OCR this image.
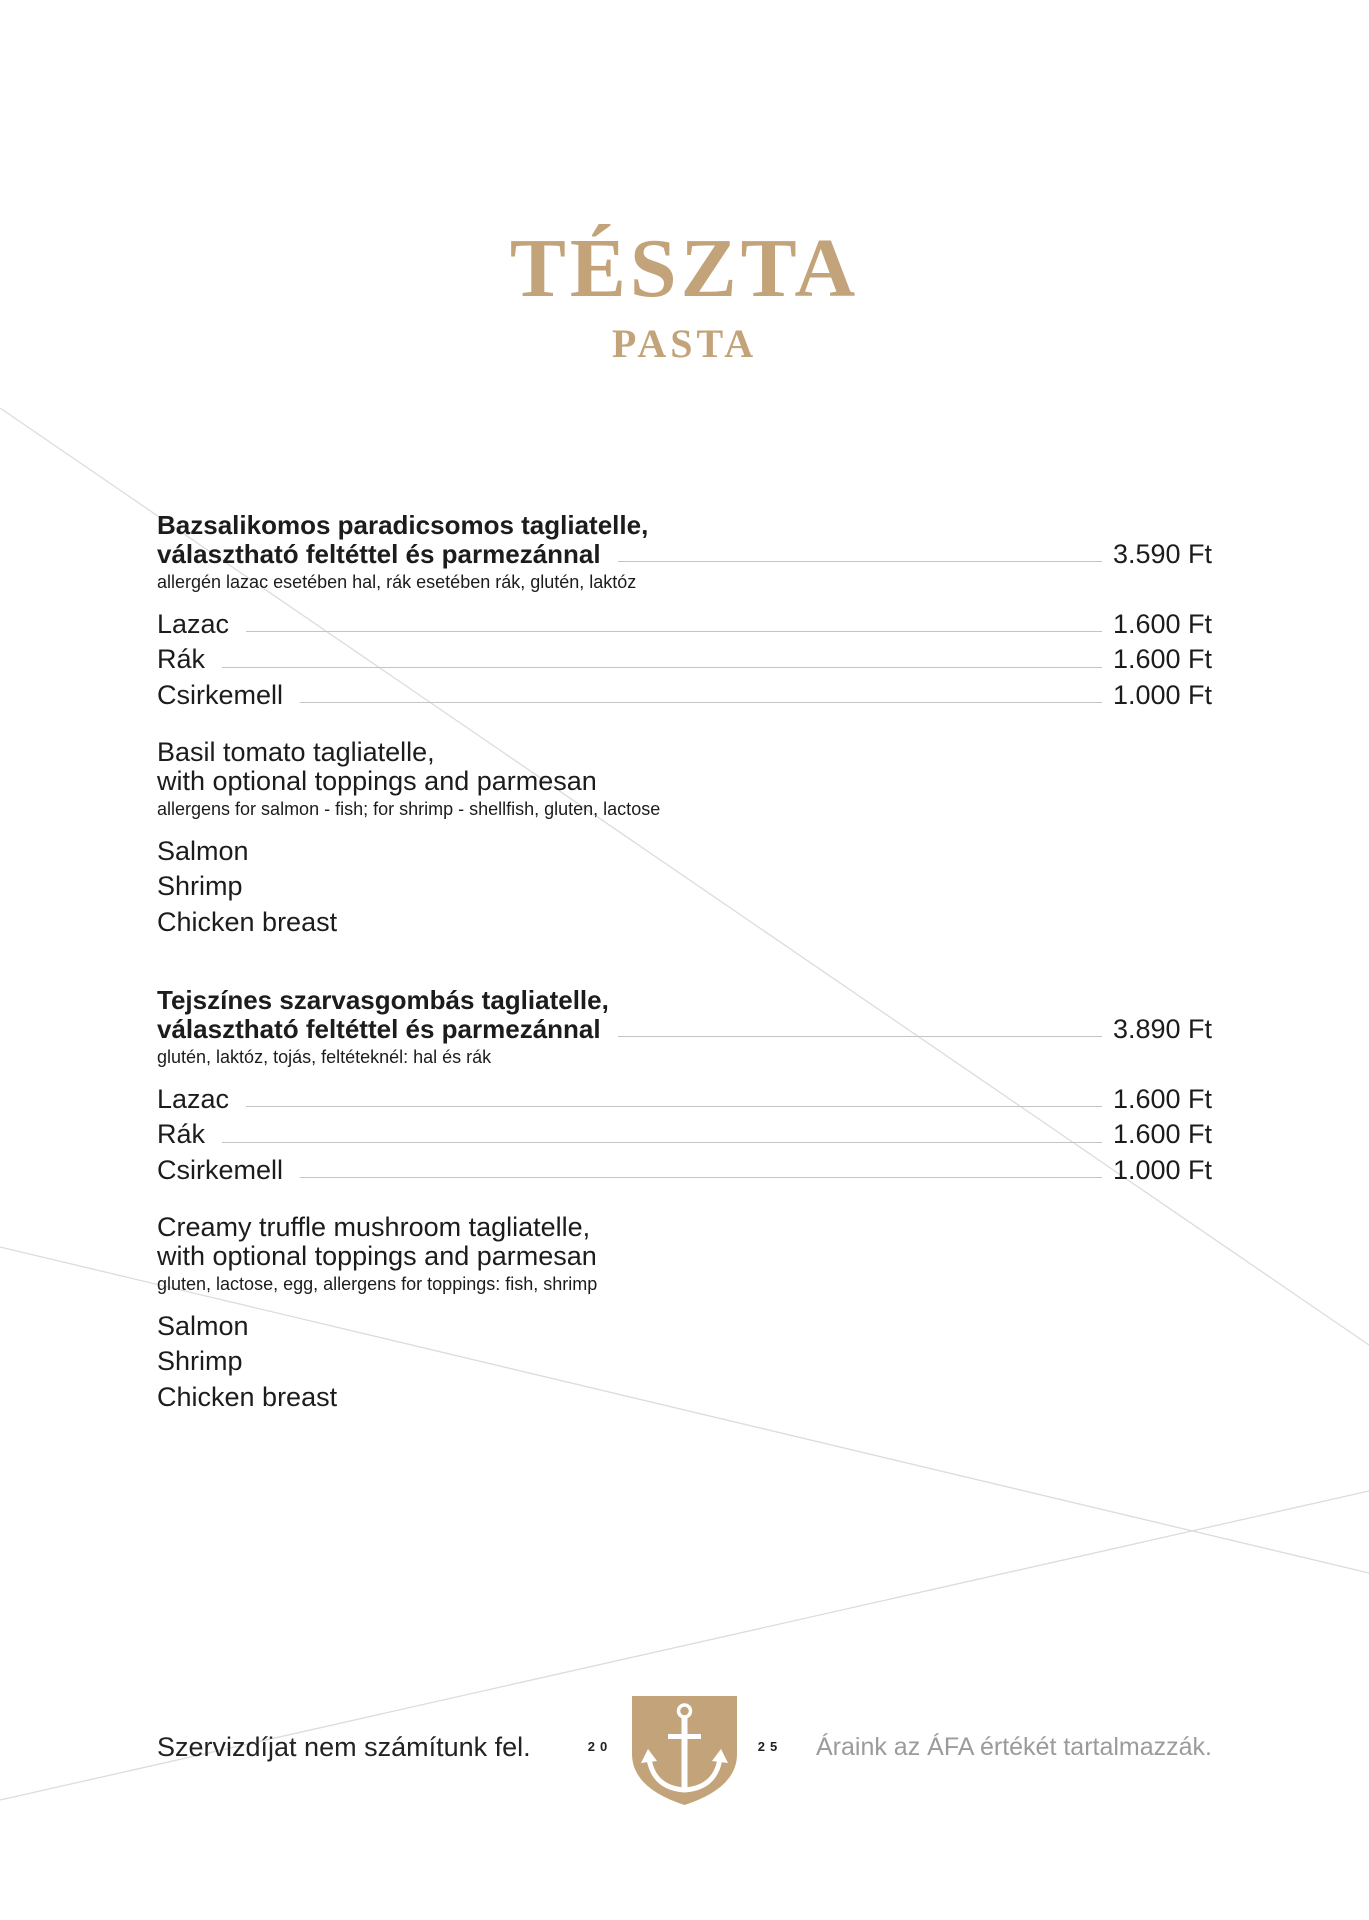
TÉSZTA
PASTA
Bazsalikomos paradicsomos tagliatelle,
választható feltéttel és parmezánnal	3.590 Ft
allergén lazac esetében hal, rák esetében rák, glutén, laktóz
Lazac	1.600 Ft
Rák	1.600 Ft
Csirkemell	1.000 Ft
Basil tomato tagliatelle,
with optional toppings and parmesan
allergens for salmon - fish; for shrimp - shellfish, gluten, lactose
Salmon
Shrimp
Chicken breast
Tejszínes szarvasgombás tagliatelle,
választható feltéttel és parmezánnal	3.890 Ft
glutén, laktóz, tojás, feltéteknél: hal és rák
Lazac	1.600 Ft
Rák	1.600 Ft
Csirkemell	1.000 Ft
Creamy truffle mushroom tagliatelle,
with optional toppings and parmesan
gluten, lactose, egg, allergens for toppings: fish, shrimp
Salmon
Shrimp
Chicken breast
Szervizdíjat nem számítunk fel.	20	25 Áraink az ÁFA értékét tartalmazzák.
